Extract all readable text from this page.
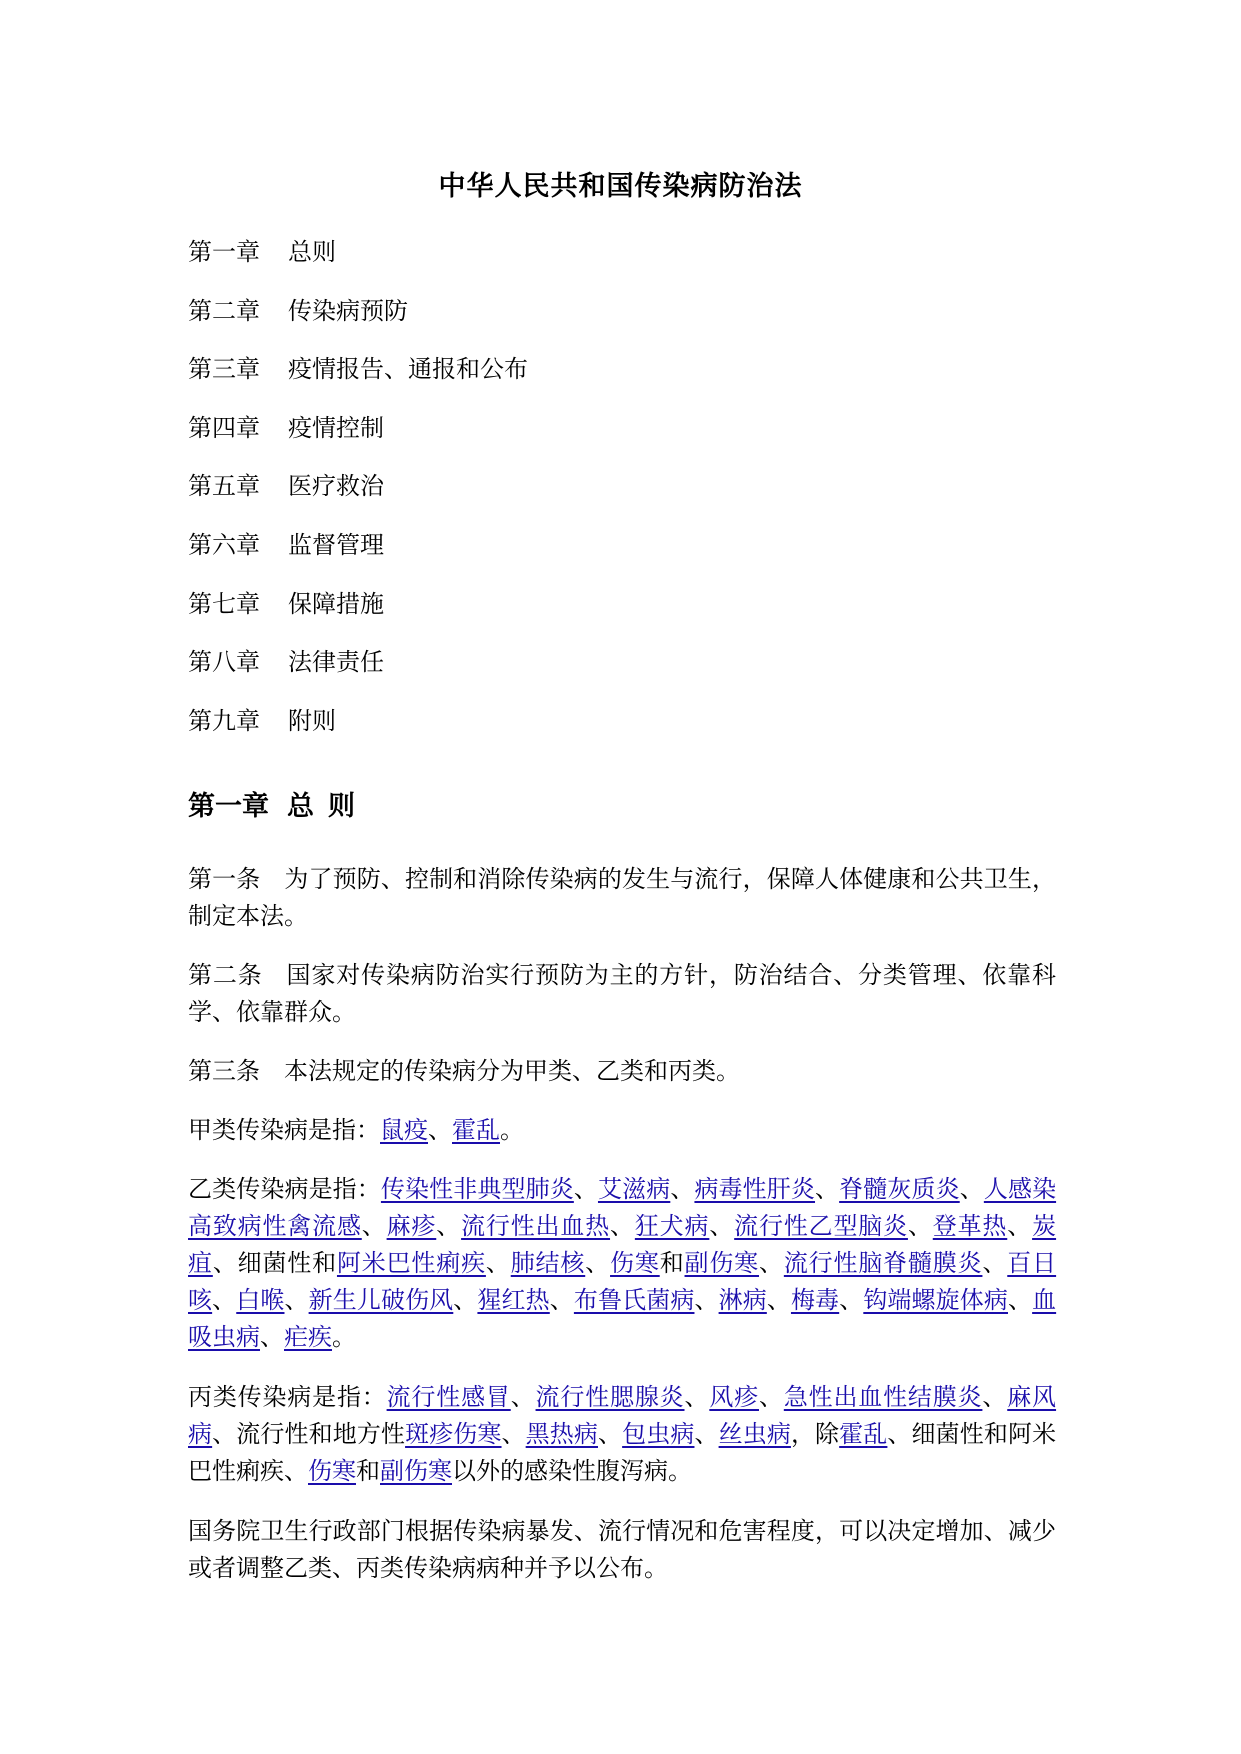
中华人民共和国传染病防治法
第一章 总则
第二章 传染病预防
第三章 疫情报告、通报和公布
第四章 疫情控制
第五章 医疗救治
第六章 监督管理
第七章 保障措施
第八章 法律责任
第九章 附则
第一章 总则

第一条 为了预防、控制和消除传染病的发生与流行，保障人体健康和公共卫生，制定本法。

第二条 国家对传染病防治实行预防为主的方针，防治结合、分类管理、依靠科学、依靠群众。

第三条 本法规定的传染病分为甲类、乙类和丙类。

甲类传染病是指：鼠疫、霍乱。

乙类传染病是指：传染性非典型肺炎、艾滋病、病毒性肝炎、脊髓灰质炎、人感染高致病性禽流感、麻疹、流行性出血热、狂犬病、流行性乙型脑炎、登革热、炭疽、细菌性和阿米巴性痢疾、肺结核、伤寒和副伤寒、流行性脑脊髓膜炎、百日咳、白喉、新生儿破伤风、猩红热、布鲁氏菌病、淋病、梅毒、钩端螺旋体病、血吸虫病、疟疾。

丙类传染病是指：流行性感冒、流行性腮腺炎、风疹、急性出血性结膜炎、麻风病、流行性和地方性斑疹伤寒、黑热病、包虫病、丝虫病，除霍乱、细菌性和阿米巴性痢疾、伤寒和副伤寒以外的感染性腹泻病。

国务院卫生行政部门根据传染病暴发、流行情况和危害程度，可以决定增加、减少或者调整乙类、丙类传染病病种并予以公布。
